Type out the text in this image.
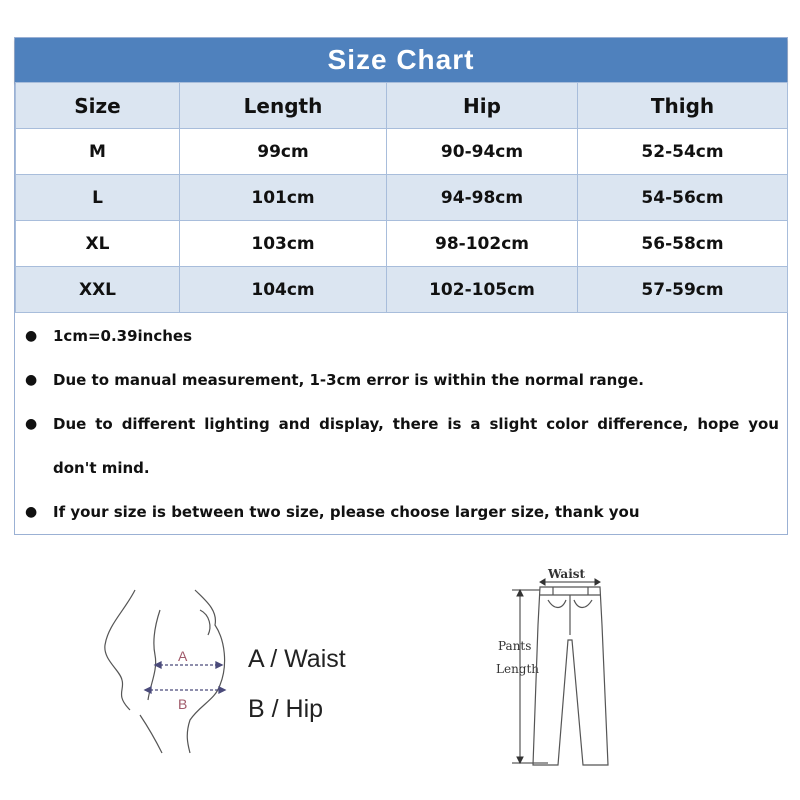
Size Chart
Size	Length	Hip	Thigh
M	99cm	90-94cm	52-54cm
L	101cm	94-98cm	54-56cm
XL	103cm	98-102cm	56-58cm
XXL	104cm	102-105cm	57-59cm
● 1cm=0.39inches
● Due to manual measurement, 1-3cm error is within the normal range.
● Due to different lighting and display, there is a slight color difference, hope you don't mind.
● If your size is between two size, please choose larger size, thank you
A
B
A / Waist
B / Hip
Waist
Pants
Length
